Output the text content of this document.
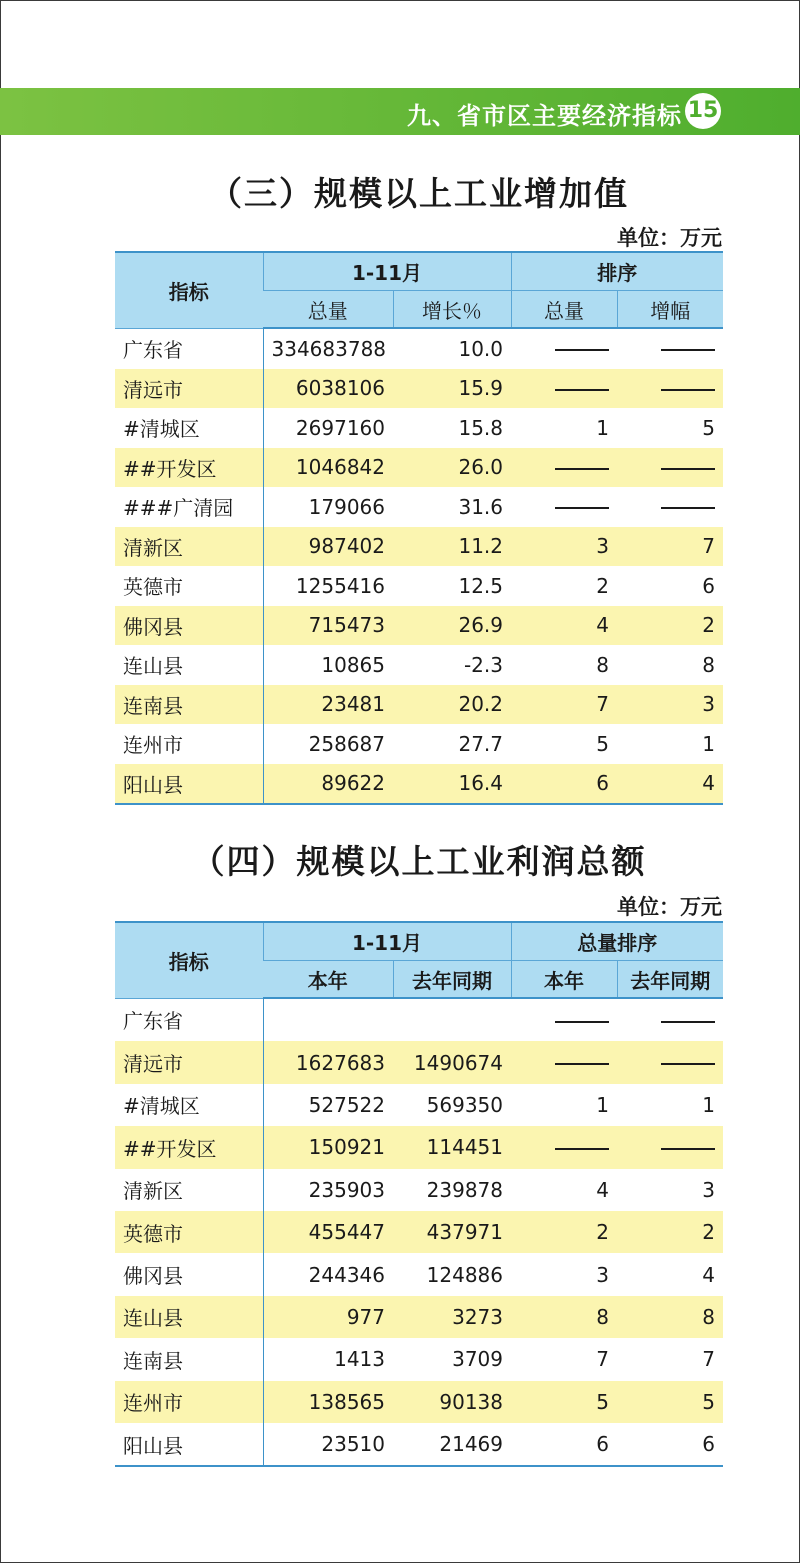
九、省市区主要经济指标 15
（三）规模以上工业增加值
单位：万元
指标	1-11月		排序	
	总量	增长％	总量	增幅
广东省	334683788	10.0		
清远市	6038106	15.9		
#清城区	2697160	15.8	1	5
##开发区	1046842	26.0		
###广清园	179066	31.6		
清新区	987402	11.2	3	7
英德市	1255416	12.5	2	6
佛冈县	715473	26.9	4	2
连山县	10865	-2.3	8	8
连南县	23481	20.2	7	3
连州市	258687	27.7	5	1
阳山县	89622	16.4	6	4
（四）规模以上工业利润总额
单位：万元
指标	1-11月		总量排序	
	本年	去年同期	本年	去年同期
广东省				
清远市	1627683	1490674		
#清城区	527522	569350	1	1
##开发区	150921	114451		
清新区	235903	239878	4	3
英德市	455447	437971	2	2
佛冈县	244346	124886	3	4
连山县	977	3273	8	8
连南县	1413	3709	7	7
连州市	138565	90138	5	5
阳山县	23510	21469	6	6
